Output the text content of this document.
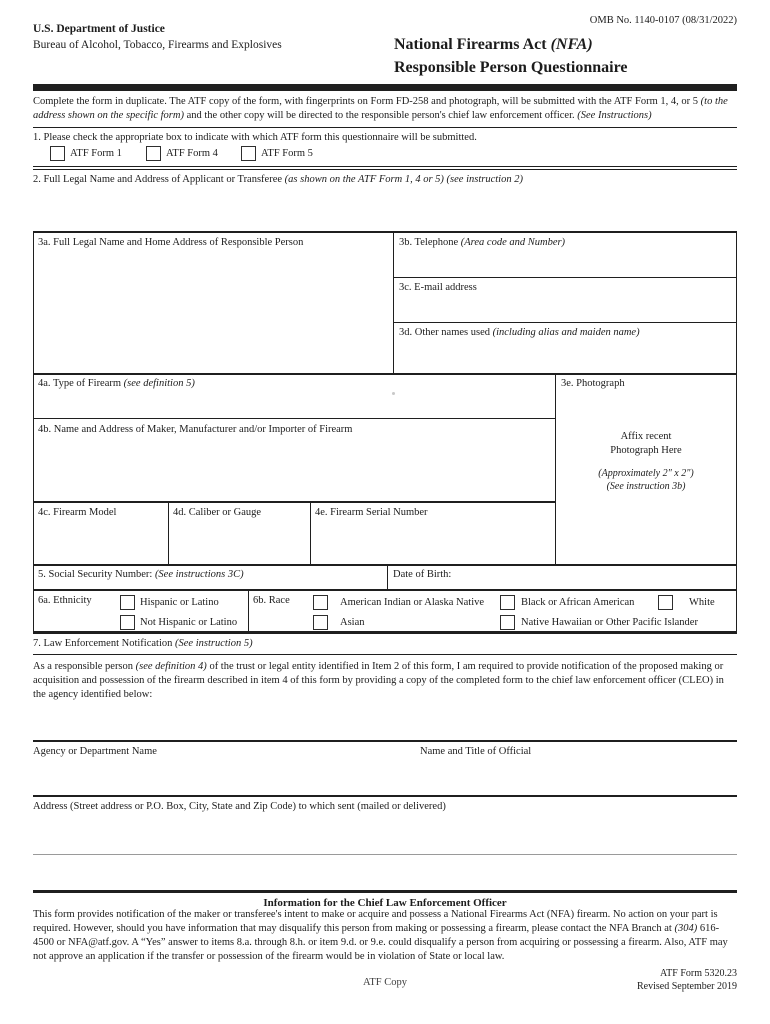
U.S. Department of Justice
Bureau of Alcohol, Tobacco, Firearms and Explosives
OMB No. 1140-0107 (08/31/2022)
National Firearms Act (NFA)
Responsible Person Questionnaire
Complete the form in duplicate. The ATF copy of the form, with fingerprints on Form FD-258 and photograph, will be submitted with the ATF Form 1, 4, or 5 (to the address shown on the specific form) and the other copy will be directed to the responsible person's chief law enforcement officer. (See Instructions)
1. Please check the appropriate box to indicate with which ATF form this questionnaire will be submitted.
ATF Form 1	ATF Form 4	ATF Form 5
2. Full Legal Name and Address of Applicant or Transferee (as shown on the ATF Form 1, 4 or 5) (see instruction 2)
3a. Full Legal Name and Home Address of Responsible Person	3b. Telephone (Area code and Number)
3c. E-mail address
3d. Other names used (including alias and maiden name)
4a. Type of Firearm (see definition 5)	3e. Photograph
Affix recent
Photograph Here
(Approximately 2" x 2")
(See instruction 3b)
4b. Name and Address of Maker, Manufacturer and/or Importer of Firearm
4c. Firearm Model	4d. Caliber or Gauge	4e. Firearm Serial Number
5. Social Security Number: (See instructions 3C)	Date of Birth:
6a. Ethnicity	Hispanic or Latino
Not Hispanic or Latino
6b. Race	American Indian or Alaska Native
Asian
Black or African American
Native Hawaiian or Other Pacific Islander
White
7. Law Enforcement Notification (See instruction 5)
As a responsible person (see definition 4) of the trust or legal entity identified in Item 2 of this form, I am required to provide notification of the proposed making or acquisition and possession of the firearm described in item 4 of this form by providing a copy of the completed form to the chief law enforcement officer (CLEO) in the agency identified below:
Agency or Department Name	Name and Title of Official
Address (Street address or P.O. Box, City, State and Zip Code) to which sent (mailed or delivered)
Information for the Chief Law Enforcement Officer
This form provides notification of the maker or transferee's intent to make or acquire and possess a National Firearms Act (NFA) firearm. No action on your part is required. However, should you have information that may disqualify this person from making or possessing a firearm, please contact the NFA Branch at (304) 616-4500 or NFA@atf.gov. A “Yes” answer to items 8.a. through 8.h. or item 9.d. or 9.e. could disqualify a person from acquiring or possessing a firearm. Also, ATF may not approve an application if the transfer or possession of the firearm would be in violation of State or local law.
ATF Copy
ATF Form 5320.23
Revised September 2019
